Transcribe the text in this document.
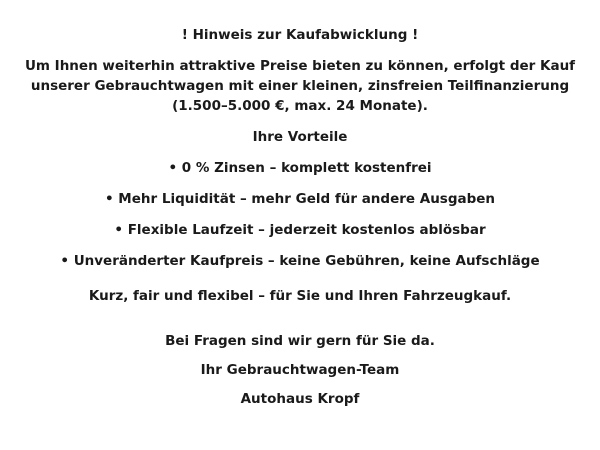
! Hinweis zur Kaufabwicklung !
Um Ihnen weiterhin attraktive Preise bieten zu können, erfolgt der Kauf unserer Gebrauchtwagen mit einer kleinen, zinsfreien Teilfinanzierung (1.500–5.000 €, max. 24 Monate).
Ihre Vorteile
• 0 % Zinsen – komplett kostenfrei
• Mehr Liquidität – mehr Geld für andere Ausgaben
• Flexible Laufzeit – jederzeit kostenlos ablösbar
• Unveränderter Kaufpreis – keine Gebühren, keine Aufschläge
Kurz, fair und flexibel – für Sie und Ihren Fahrzeugkauf.
Bei Fragen sind wir gern für Sie da.
Ihr Gebrauchtwagen-Team
Autohaus Kropf
